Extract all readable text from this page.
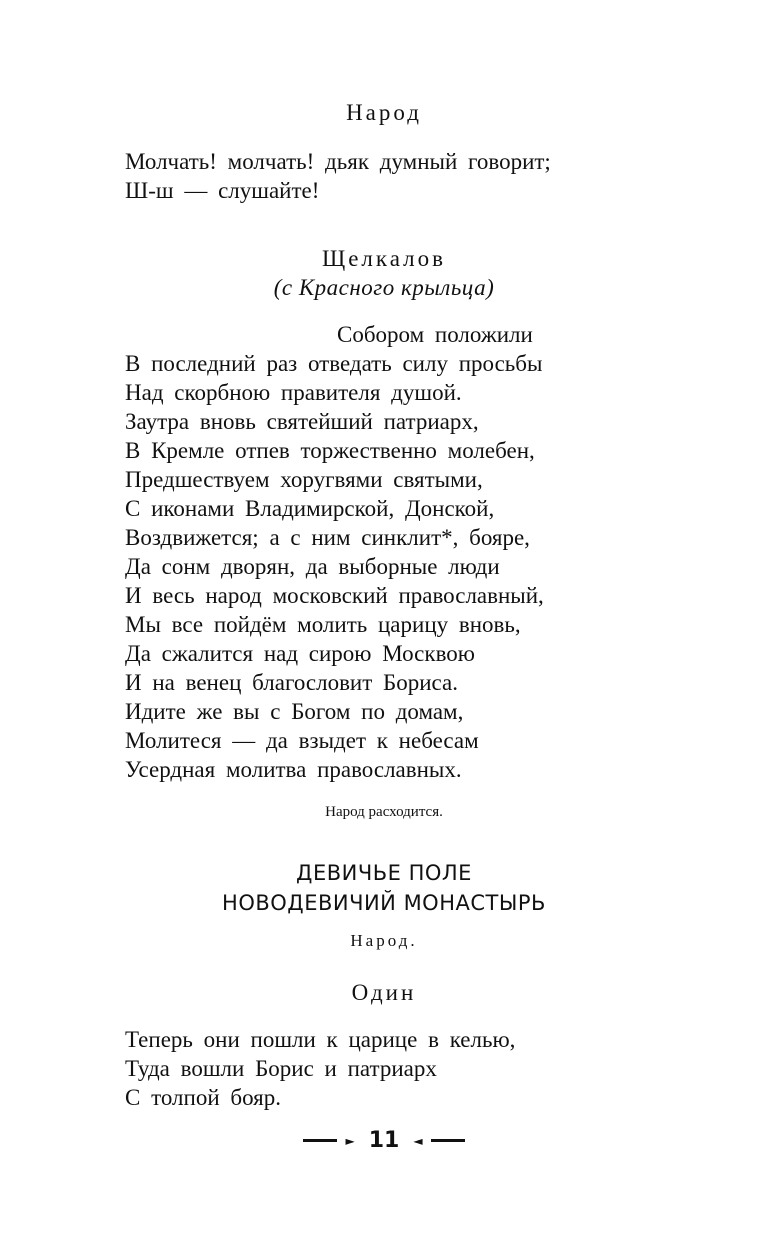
Народ
Молчать! молчать! дьяк думный говорит;
Ш-ш — слушайте!
Щелкалов
(с Красного крыльца)
Собором положили
В последний раз отведать силу просьбы
Над скорбною правителя душой.
Заутра вновь святейший патриарх,
В Кремле отпев торжественно молебен,
Предшествуем хоругвями святыми,
С иконами Владимирской, Донской,
Воздвижется; а с ним синклит*, бояре,
Да сонм дворян, да выборные люди
И весь народ московский православный,
Мы все пойдём молить царицу вновь,
Да сжалится над сирою Москвою
И на венец благословит Бориса.
Идите же вы с Богом по домам,
Молитеся — да взыдет к небесам
Усердная молитва православных.
Народ расходится.
ДЕВИЧЬЕ ПОЛЕ
НОВОДЕВИЧИЙ МОНАСТЫРЬ
Народ.
Один
Теперь они пошли к царице в келью,
Туда вошли Борис и патриарх
С толпой бояр.
► 11	◄
